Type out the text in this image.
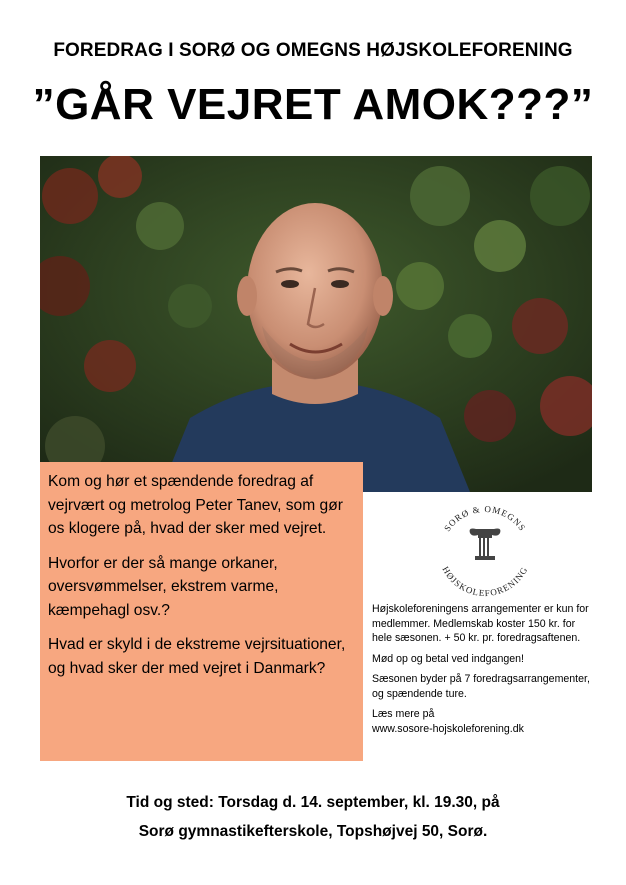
FOREDRAG I SORØ OG OMEGNS HØJSKOLEFORENING
”GÅR VEJRET AMOK???”

Kom og hør et spændende foredrag af vejrvært og metrolog Peter Tanev, som gør os klogere på, hvad der sker med vejret.

Hvorfor er der så mange orkaner, oversvømmelser, ekstrem varme, kæmpehagl osv.?

Hvad er skyld i de ekstreme vejrsituationer, og hvad sker der med vejret i Danmark?

SORØ & OMEGNS
HØJSKOLEFORENING

Højskoleforeningens arrangementer er kun for medlemmer. Medlemskab koster 150 kr. for hele sæsonen. + 50 kr. pr. foredragsaftenen.

Mød op og betal ved indgangen!

Sæsonen byder på 7 foredragsarrangementer, og spændende ture.

Læs mere på

www.sosore-hojskoleforening.dk
Tid og sted: Torsdag d. 14. september, kl. 19.30, på
Sorø gymnastikefterskole, Topshøjvej 50, Sorø.
